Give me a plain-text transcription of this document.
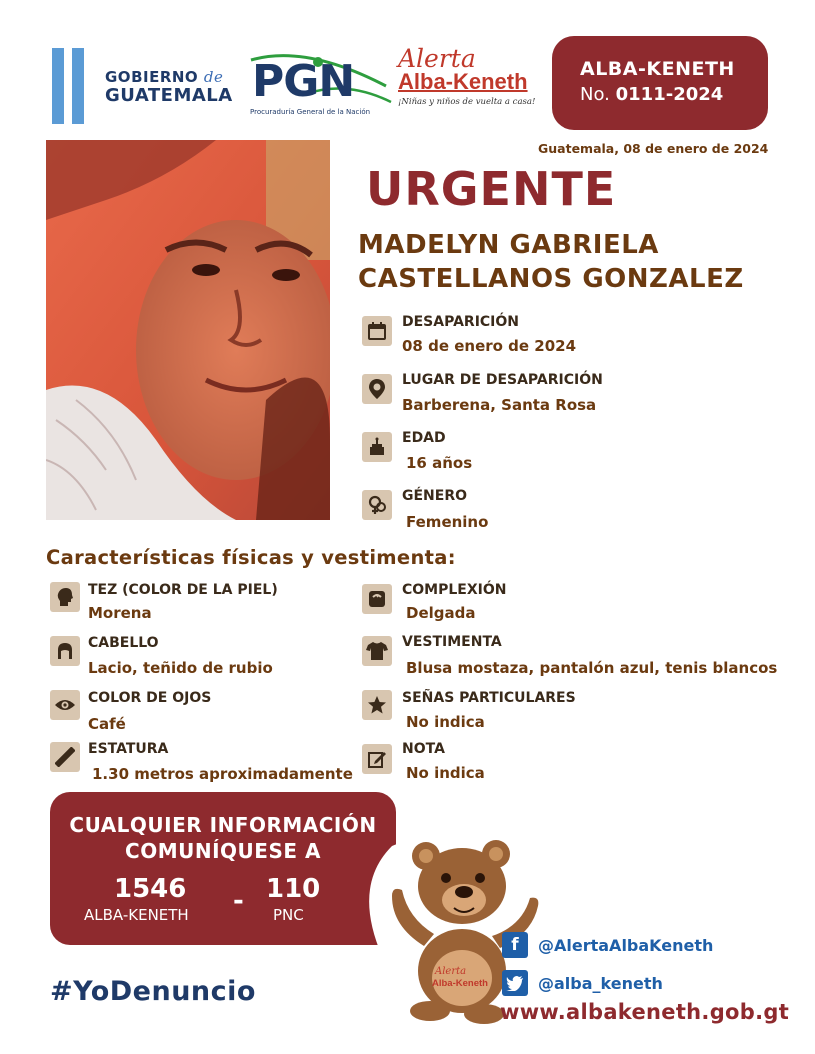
GOBIERNO de
GUATEMALA PGN
Procuraduría General de la Nación
Alerta
Alba-Keneth
¡Niñas y niños de vuelta a casa!
ALBA-KENETH
No. 0111-2024
Guatemala, 08 de enero de 2024
URGENTE
MADELYN GABRIELA
CASTELLANOS GONZALEZ
DESAPARICIÓN
08 de enero de 2024
LUGAR DE DESAPARICIÓN
Barberena, Santa Rosa
EDAD
16 años
GÉNERO
Femenino
Características físicas y vestimenta:
TEZ (COLOR DE LA PIEL)
Morena
CABELLO
Lacio, teñido de rubio
COLOR DE OJOS
Café
ESTATURA
1.30 metros aproximadamente
COMPLEXIÓN
Delgada
VESTIMENTA
Blusa mostaza, pantalón azul, tenis blancos
SEÑAS PARTICULARES
No indica
NOTA
No indica
CUALQUIER INFORMACIÓN
COMUNÍQUESE A
1546
ALBA-KENETH - 110
PNC
Alerta
Alba-Keneth
f	@AlertaAlbaKeneth
@alba_keneth
#YoDenuncio
www.albakeneth.gob.gt
